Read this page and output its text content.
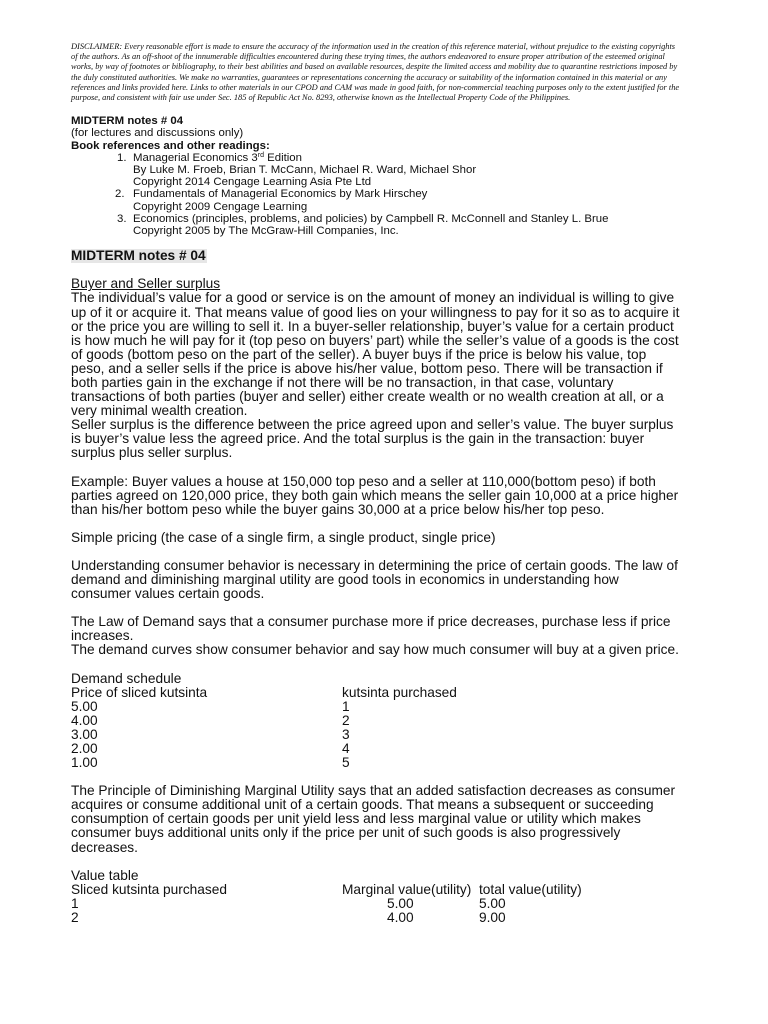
DISCLAIMER: Every reasonable effort is made to ensure the accuracy of the information used in the creation of this reference material, without prejudice to the existing copyrights of the authors. As an off-shoot of the innumerable difficulties encountered during these trying times, the authors endeavored to ensure proper attribution of the esteemed original works, by way of footnotes or bibliography, to their best abilities and based on available resources, despite the limited access and mobility due to quarantine restrictions imposed by the duly constituted authorities. We make no warranties, guarantees or representations concerning the accuracy or suitability of the information contained in this material or any references and links provided here. Links to other materials in our CPOD and CAM was made in good faith, for non-commercial teaching purposes only to the extent justified for the purpose, and consistent with fair use under Sec. 185 of Republic Act No. 8293, otherwise known as the Intellectual Property Code of the Philippines.

MIDTERM notes # 04
(for lectures and discussions only)
Book references and other readings:
1. Managerial Economics 3rd Edition
By Luke M. Froeb, Brian T. McCann, Michael R. Ward, Michael Shor
Copyright 2014 Cengage Learning Asia Pte Ltd
2. Fundamentals of Managerial Economics by Mark Hirschey
Copyright 2009 Cengage Learning
3. Economics (principles, problems, and policies) by Campbell R. McConnell and Stanley L. Brue
Copyright 2005 by The McGraw-Hill Companies, Inc.
MIDTERM notes # 04
Buyer and Seller surplus

The individual’s value for a good or service is on the amount of money an individual is willing to give up of it or acquire it. That means value of good lies on your willingness to pay for it so as to acquire it or the price you are willing to sell it. In a buyer-seller relationship, buyer’s value for a certain product is how much he will pay for it (top peso on buyers’ part) while the seller’s value of a goods is the cost of goods (bottom peso on the part of the seller). A buyer buys if the price is below his value, top peso, and a seller sells if the price is above his/her value, bottom peso. There will be transaction if both parties gain in the exchange if not there will be no transaction, in that case, voluntary transactions of both parties (buyer and seller) either create wealth or no wealth creation at all, or a very minimal wealth creation.

Seller surplus is the difference between the price agreed upon and seller’s value. The buyer surplus is buyer’s value less the agreed price. And the total surplus is the gain in the transaction: buyer surplus plus seller surplus.

Example: Buyer values a house at 150,000 top peso and a seller at 110,000(bottom peso) if both parties agreed on 120,000 price, they both gain which means the seller gain 10,000 at a price higher than his/her bottom peso while the buyer gains 30,000 at a price below his/her top peso.

Simple pricing (the case of a single firm, a single product, single price)

Understanding consumer behavior is necessary in determining the price of certain goods. The law of demand and diminishing marginal utility are good tools in economics in understanding how consumer values certain goods.

The Law of Demand says that a consumer purchase more if price decreases, purchase less if price increases.

The demand curves show consumer behavior and say how much consumer will buy at a given price.

Demand schedule
Price of sliced kutsinta	kutsinta purchased
5.00	1
4.00	2
3.00	3
2.00	4
1.00	5

The Principle of Diminishing Marginal Utility says that an added satisfaction decreases as consumer acquires or consume additional unit of a certain goods. That means a subsequent or succeeding consumption of certain goods per unit yield less and less marginal value or utility which makes consumer buys additional units only if the price per unit of such goods is also progressively decreases.

Value table
Sliced kutsinta purchased	Marginal value(utility) total value(utility)
1	5.00	5.00
2	4.00	9.00
